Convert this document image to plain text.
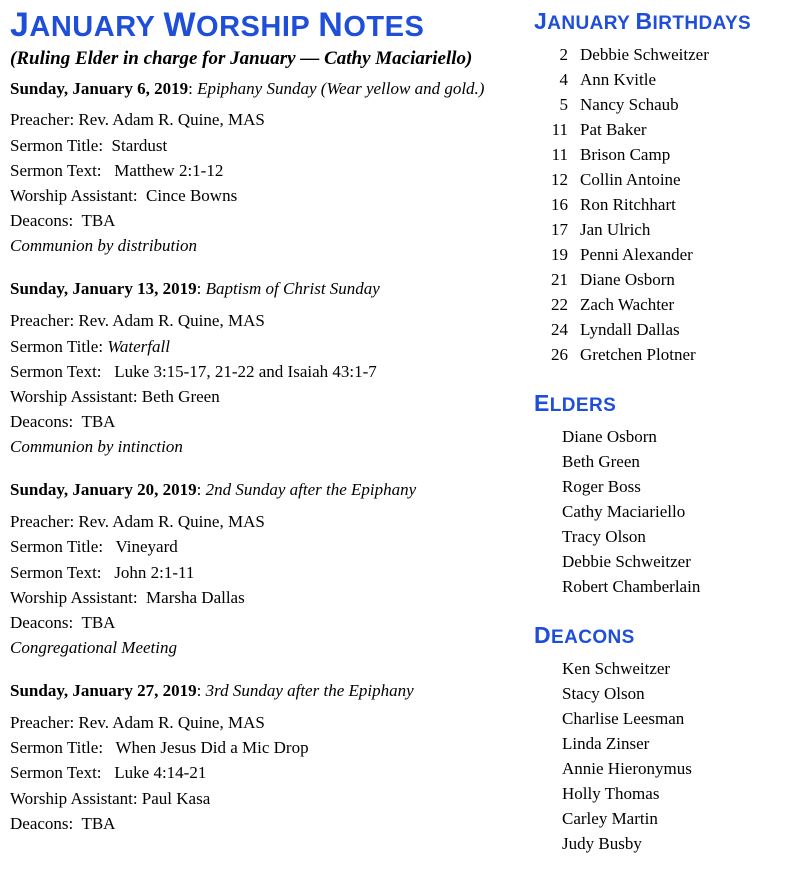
JANUARY WORSHIP NOTES
(Ruling Elder in charge for January — Cathy Maciariello)
Sunday, January 6, 2019: Epiphany Sunday (Wear yellow and gold.)
Preacher: Rev. Adam R. Quine, MAS
Sermon Title:  Stardust
Sermon Text:   Matthew 2:1-12
Worship Assistant:  Cince Bowns
Deacons:  TBA
Communion by distribution
Sunday, January 13, 2019: Baptism of Christ Sunday
Preacher: Rev. Adam R. Quine, MAS
Sermon Title: Waterfall
Sermon Text:   Luke 3:15-17, 21-22 and Isaiah 43:1-7
Worship Assistant: Beth Green
Deacons:  TBA
Communion by intinction
Sunday, January 20, 2019: 2nd Sunday after the Epiphany
Preacher: Rev. Adam R. Quine, MAS
Sermon Title:   Vineyard
Sermon Text:   John 2:1-11
Worship Assistant:  Marsha Dallas
Deacons:  TBA
Congregational Meeting
Sunday, January 27, 2019: 3rd Sunday after the Epiphany
Preacher: Rev. Adam R. Quine, MAS
Sermon Title:   When Jesus Did a Mic Drop
Sermon Text:   Luke 4:14-21
Worship Assistant: Paul Kasa
Deacons:  TBA
JANUARY BIRTHDAYS
2 Debbie Schweitzer
4 Ann Kvitle
5 Nancy Schaub
11 Pat Baker
11 Brison Camp
12 Collin Antoine
16 Ron Ritchhart
17 Jan Ulrich
19 Penni Alexander
21 Diane Osborn
22 Zach Wachter
24 Lyndall Dallas
26 Gretchen Plotner
ELDERS
Diane Osborn
Beth Green
Roger Boss
Cathy Maciariello
Tracy Olson
Debbie Schweitzer
Robert Chamberlain
DEACONS
Ken Schweitzer
Stacy Olson
Charlise Leesman
Linda Zinser
Annie Hieronymus
Holly Thomas
Carley Martin
Judy Busby
